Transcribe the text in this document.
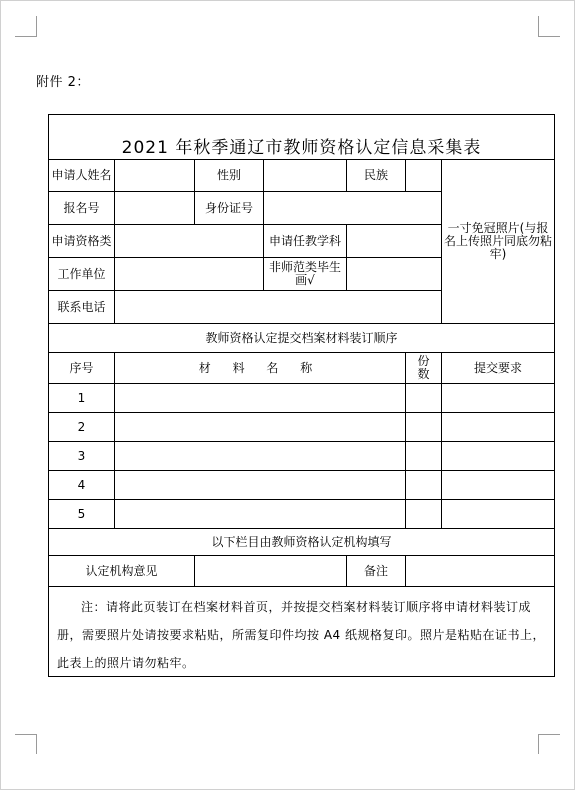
附件 2：
2021 年秋季通辽市教师资格认定信息采集表
申请人姓名	性别	民族
一寸免冠照片(与报名上传照片同底勿粘牢)
报名号	身份证号
申请资格类	申请任教学科
工作单位	非师范类毕生画√
联系电话
教师资格认定提交档案材料装订顺序
序号	材 料 名 称	份数	提交要求
1
2
3
4
5
以下栏目由教师资格认定机构填写
认定机构意见	备注
注：请将此页装订在档案材料首页，并按提交档案材料装订顺序将申请材料装订成册，需要照片处请按要求粘贴，所需复印件均按 A4 纸规格复印。照片是粘贴在证书上，此表上的照片请勿粘牢。
